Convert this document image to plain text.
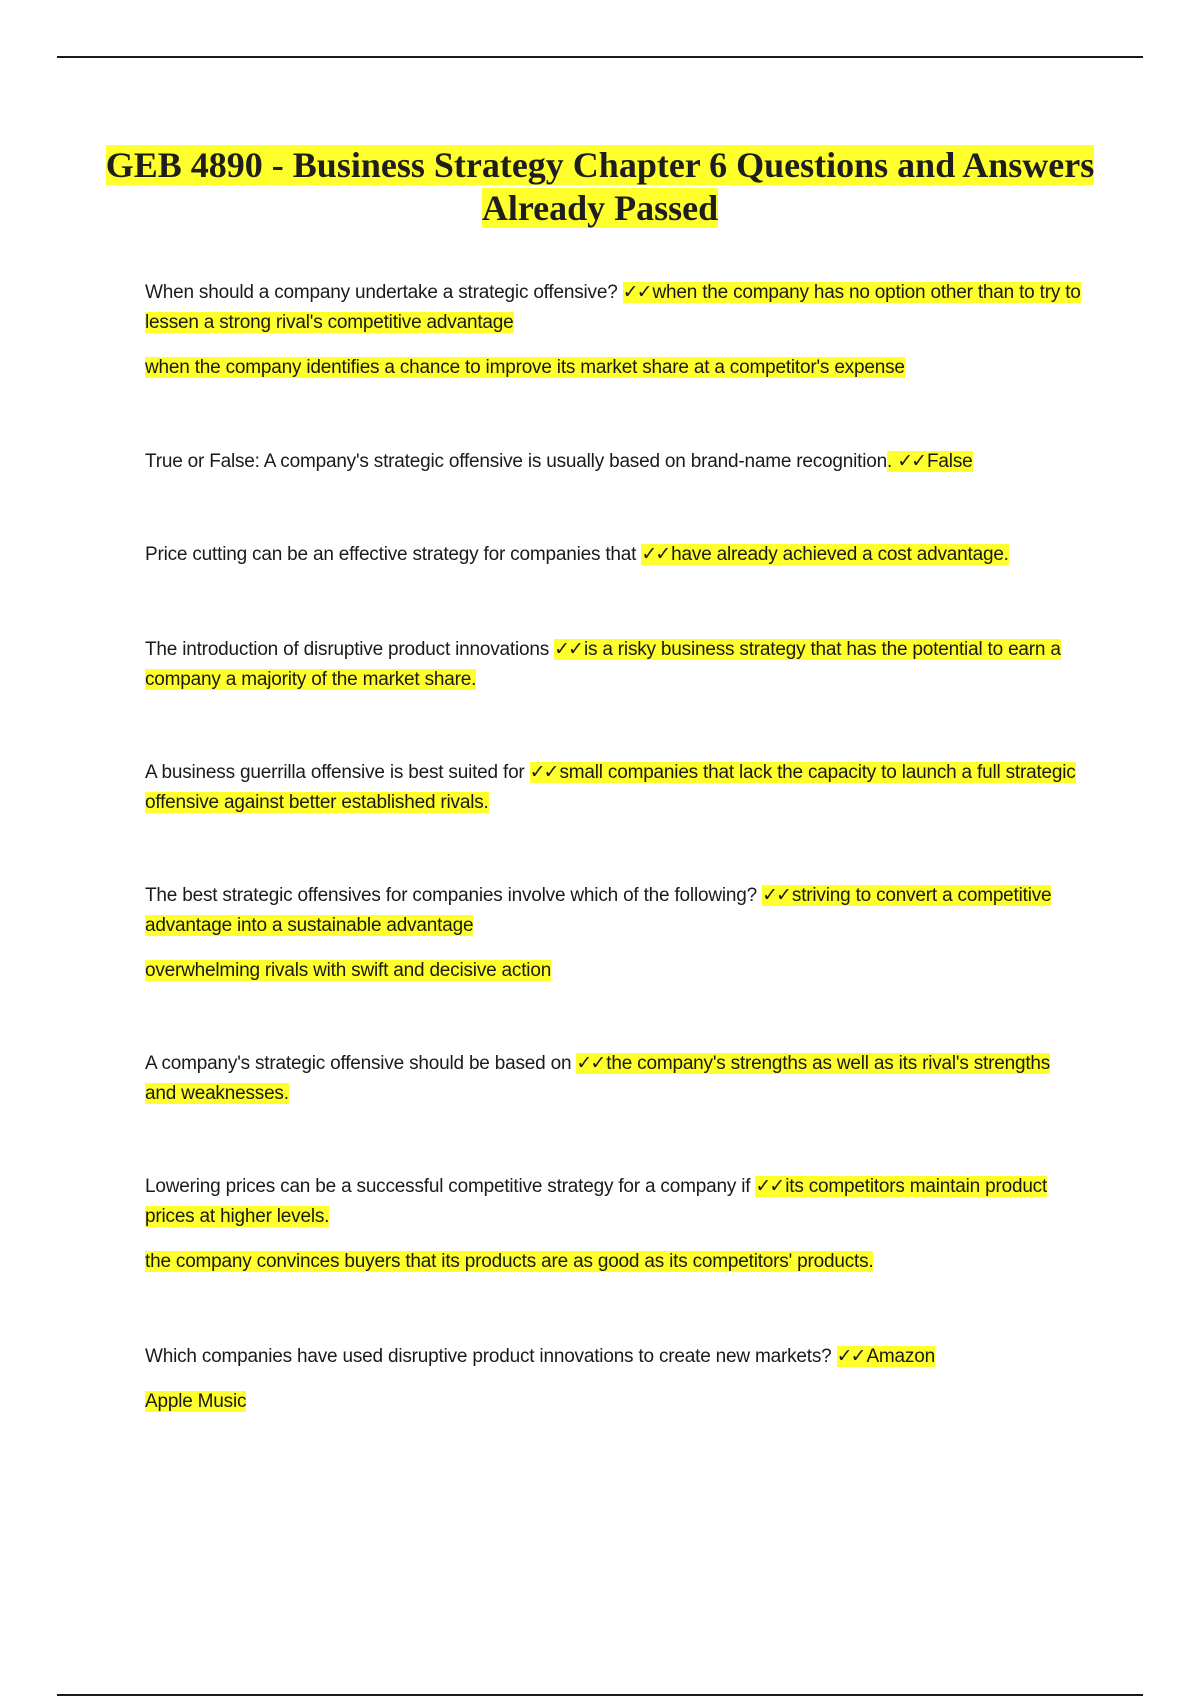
GEB 4890 - Business Strategy Chapter 6 Questions and Answers Already Passed

When should a company undertake a strategic offensive? ✓✓ when the company has no option other than to try to lessen a strong rival's competitive advantage

when the company identifies a chance to improve its market share at a competitor's expense

True or False: A company's strategic offensive is usually based on brand-name recognition. ✓✓ False

Price cutting can be an effective strategy for companies that ✓✓ have already achieved a cost advantage.

The introduction of disruptive product innovations ✓✓ is a risky business strategy that has the potential to earn a company a majority of the market share.

A business guerrilla offensive is best suited for ✓✓ small companies that lack the capacity to launch a full strategic offensive against better established rivals.

The best strategic offensives for companies involve which of the following? ✓✓ striving to convert a competitive advantage into a sustainable advantage

overwhelming rivals with swift and decisive action

A company's strategic offensive should be based on ✓✓ the company's strengths as well as its rival's strengths and weaknesses.

Lowering prices can be a successful competitive strategy for a company if ✓✓ its competitors maintain product prices at higher levels.

the company convinces buyers that its products are as good as its competitors' products.

Which companies have used disruptive product innovations to create new markets? ✓✓ Amazon

Apple Music
